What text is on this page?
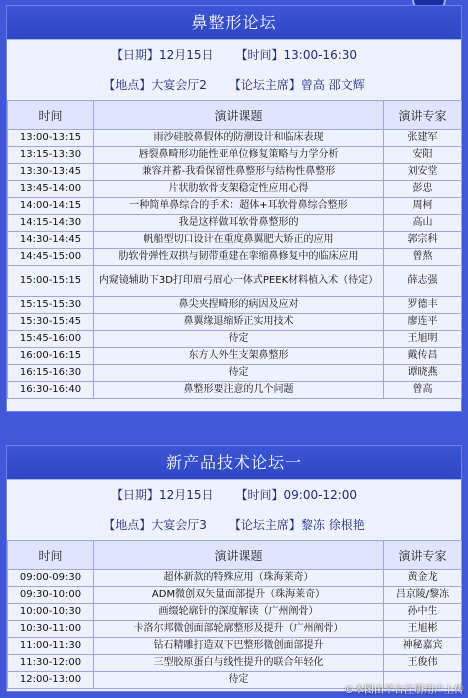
鼻整形论坛
【日期】12月15日 【时间】13:00-16:30
【地点】大宴会厅2 【论坛主席】曾高 邵文辉
时间	演讲课题	演讲专家
13:00-13:15	雨沙硅胶鼻假体的防潮设计和临床表现	张建军
13:15-13:30	唇裂鼻畸形功能性亚单位修复策略与力学分析	安阳
13:30-13:45	兼容并蓄-我看保留性鼻整形与结构性鼻整形	刘安堂
13:45-14:00	片状肋软骨支架稳定性应用心得	彭忠
14:00-14:15	一种简单鼻综合的手术：超体+耳软骨鼻综合整形	周柯
14:15-14:30	我是这样做耳软骨鼻整形的	高山
14:30-14:45	帆船型切口设计在重度鼻翼肥大矫正的应用	郭宗科
14:45-15:00	肋软骨弹性双拱与韧带重建在挛缩鼻修复中的临床应用	曾熬
15:00-15:15	内窥镜辅助下3D打印眉弓眉心一体式PEEK材料植入术（待定）	薛志强
15:15-15:30	鼻尖夹捏畸形的病因及应对	罗德丰
15:30-15:45	鼻翼缘退缩矫正实用技术	廖连平
15:45-16:00	待定	王旭明
16:00-16:15	东方人外生支架鼻整形	戴传昌
16:15-16:30	待定	谭晓燕
16:30-16:40	鼻整形要注意的几个问题	曾高
新产品技术论坛一
【日期】12月15日 【时间】09:00-12:00
【地点】大宴会厅3 【论坛主席】黎冻 徐根艳
时间	演讲课题	演讲专家
09:00-09:30	超体新款的特殊应用（珠海莱奇）	黄金龙
09:30-10:00	ADM微创双矢量面部提升（珠海莱奇）	吕京陵/黎冻
10:00-10:30	画缀轮廓针的深度解读（广州阐骨）	孙中生
10:30-11:00	卡洛尔邦微创面部轮廓整形及提升（广州阐骨）	王旭彬
11:00-11:30	钻石精雕打造双下巴整形微创面部提升	神秘嘉宾
11:30-12:00	三型胶原蛋白与线性提升的联合年轻化	王俊伟
12:00-13:00	待定	
©本图由平台注册用户上传
